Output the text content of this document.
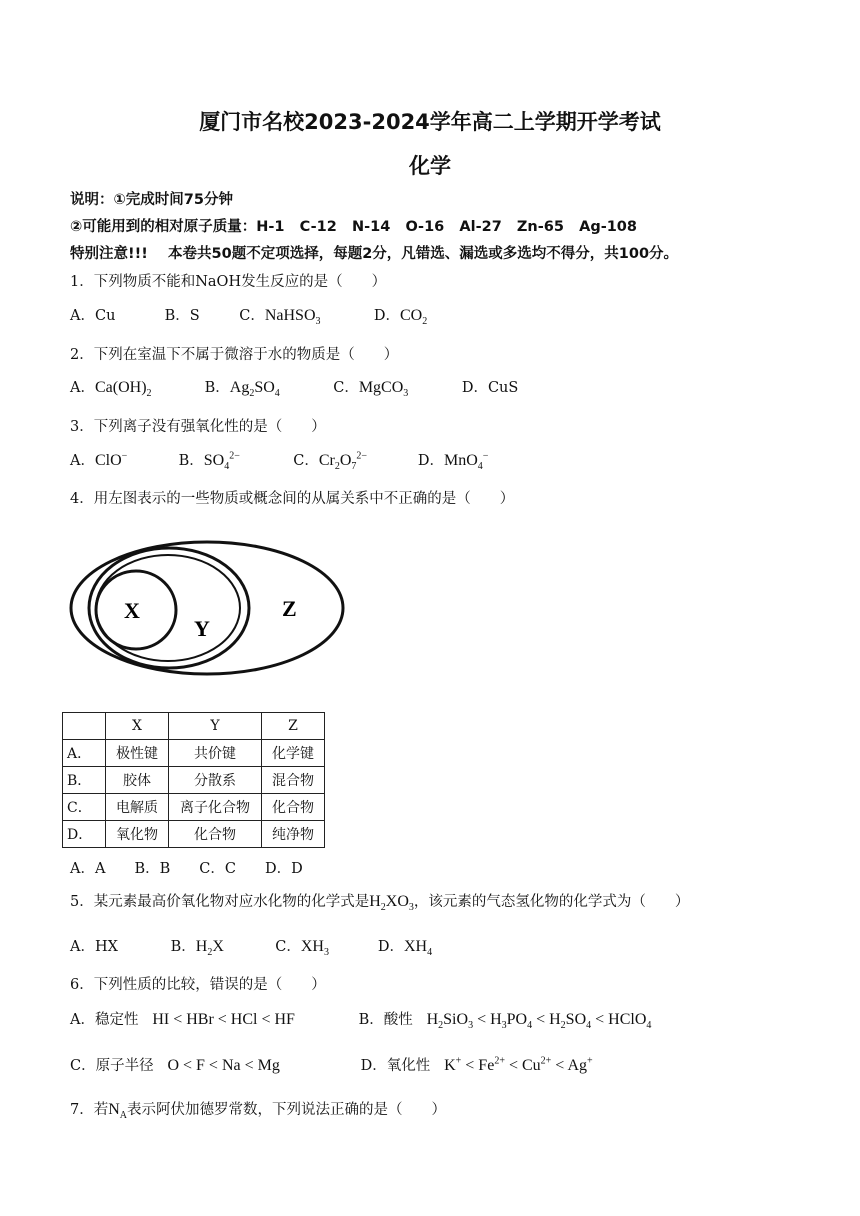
厦门市名校2023-2024学年高二上学期开学考试
化学
说明：①完成时间75分钟
②可能用到的相对原子质量：H-1   C-12   N-14   O-16   Al-27   Zn-65   Ag-108
特别注意!!!    本卷共50题不定项选择，每题2分，凡错选、漏选或多选均不得分，共100分。
1．下列物质不能和NaOH发生反应的是（　　）
A．Cu	B．S	C．NaHSO$_3$	D．$CO_2$
2．下列在室温下不属于微溶于水的物质是（　　）
A．$Ca(OH)_2$	B．$Ag_2SO_4$	C．MgCO$_3$	D．CuS
3．下列离子没有强氧化性的是（　　）
A．ClO−	B．$SO_4^{2-}$	C．$Cr_2O_7^{2-}$	D．MnO$_4$−
4．用左图表示的一些物质或概念间的从属关系中不正确的是（　　）
X
Y
Z
	X	Y	Z
A．	极性键	共价键	化学键
B．	胶体	分散系	混合物
C．	电解质	离子化合物	化合物
D．	氧化物	化合物	纯净物
A．A　　B．B　　C．C　　D．D
5．某元素最高价氧化物对应水化物的化学式是$H_2XO_3$，该元素的气态氢化物的化学式为（　　）
A．HX	B．$H_2X$	C．$XH_3$	D．$XH_4$
6．下列性质的比较，错误的是（　　）
A．稳定性 HI < HBr < HCl < HF	B．酸性 $H_2SiO_3 < H_3PO_4 < H_2SO_4$ < HClO$_4$
C．原子半径 O < F < Na < Mg	D．氧化性 $K^+ < Fe^{2+} < Cu^{2+} < Ag^+$
7．若$N_A$表示阿伏加德罗常数，下列说法正确的是（　　）
